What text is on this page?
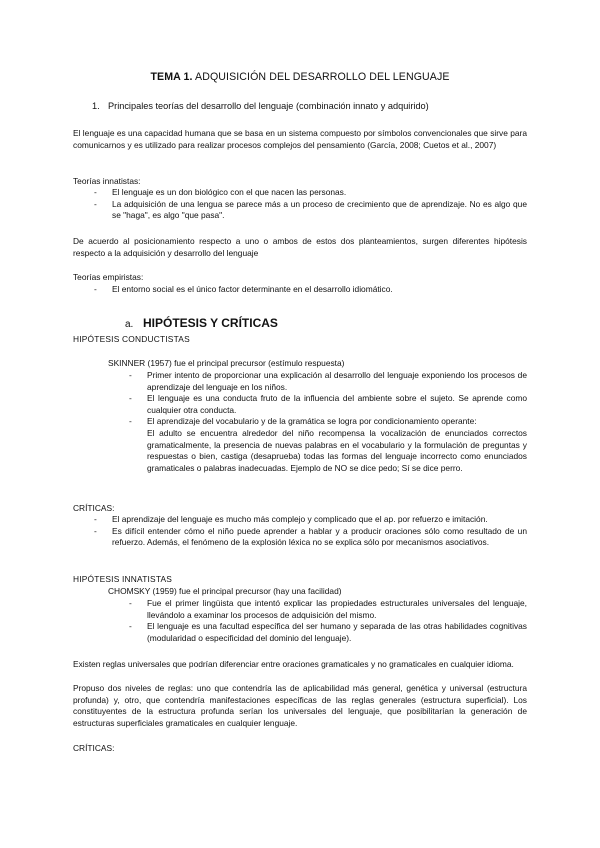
TEMA 1. ADQUISICIÓN DEL DESARROLLO DEL LENGUAJE
1. Principales teorías del desarrollo del lenguaje (combinación innato y adquirido)
El lenguaje es una capacidad humana que se basa en un sistema compuesto por símbolos convencionales que sirve para comunicarnos y es utilizado para realizar procesos complejos del pensamiento (García, 2008; Cuetos et al., 2007)
Teorías innatistas:
- El lenguaje es un don biológico con el que nacen las personas.
- La adquisición de una lengua se parece más a un proceso de crecimiento que de aprendizaje. No es algo que se "haga", es algo "que pasa".
De acuerdo al posicionamiento respecto a uno o ambos de estos dos planteamientos, surgen diferentes hipótesis respecto a la adquisición y desarrollo del lenguaje
Teorías empiristas:
- El entorno social es el único factor determinante en el desarrollo idiomático.
a. HIPÓTESIS Y CRÍTICAS
HIPÓTESIS CONDUCTISTAS
SKINNER (1957) fue el principal precursor (estímulo respuesta)
- Primer intento de proporcionar una explicación al desarrollo del lenguaje exponiendo los procesos de aprendizaje del lenguaje en los niños.
- El lenguaje es una conducta fruto de la influencia del ambiente sobre el sujeto. Se aprende como cualquier otra conducta.
- El aprendizaje del vocabulario y de la gramática se logra por condicionamiento operante:
El adulto se encuentra alrededor del niño recompensa la vocalización de enunciados correctos gramaticalmente, la presencia de nuevas palabras en el vocabulario y la formulación de preguntas y respuestas o bien, castiga (desaprueba) todas las formas del lenguaje incorrecto como enunciados gramaticales o palabras inadecuadas. Ejemplo de NO se dice pedo; Sí se dice perro.
CRÍTICAS:
- El aprendizaje del lenguaje es mucho más complejo y complicado que el ap. por refuerzo e imitación.
- Es difícil entender cómo el niño puede aprender a hablar y a producir oraciones sólo como resultado de un refuerzo. Además, el fenómeno de la explosión léxica no se explica sólo por mecanismos asociativos.
HIPÓTESIS INNATISTAS
CHOMSKY (1959) fue el principal precursor (hay una facilidad)
- Fue el primer lingüista que intentó explicar las propiedades estructurales universales del lenguaje, llevándolo a examinar los procesos de adquisición del mismo.
- El lenguaje es una facultad específica del ser humano y separada de las otras habilidades cognitivas (modularidad o especificidad del dominio del lenguaje).
Existen reglas universales que podrían diferenciar entre oraciones gramaticales y no gramaticales en cualquier idioma.
Propuso dos niveles de reglas: uno que contendría las de aplicabilidad más general, genética y universal (estructura profunda) y, otro, que contendría manifestaciones específicas de las reglas generales (estructura superficial). Los constituyentes de la estructura profunda serían los universales del lenguaje, que posibilitarían la generación de estructuras superficiales gramaticales en cualquier lenguaje.
CRÍTICAS:
